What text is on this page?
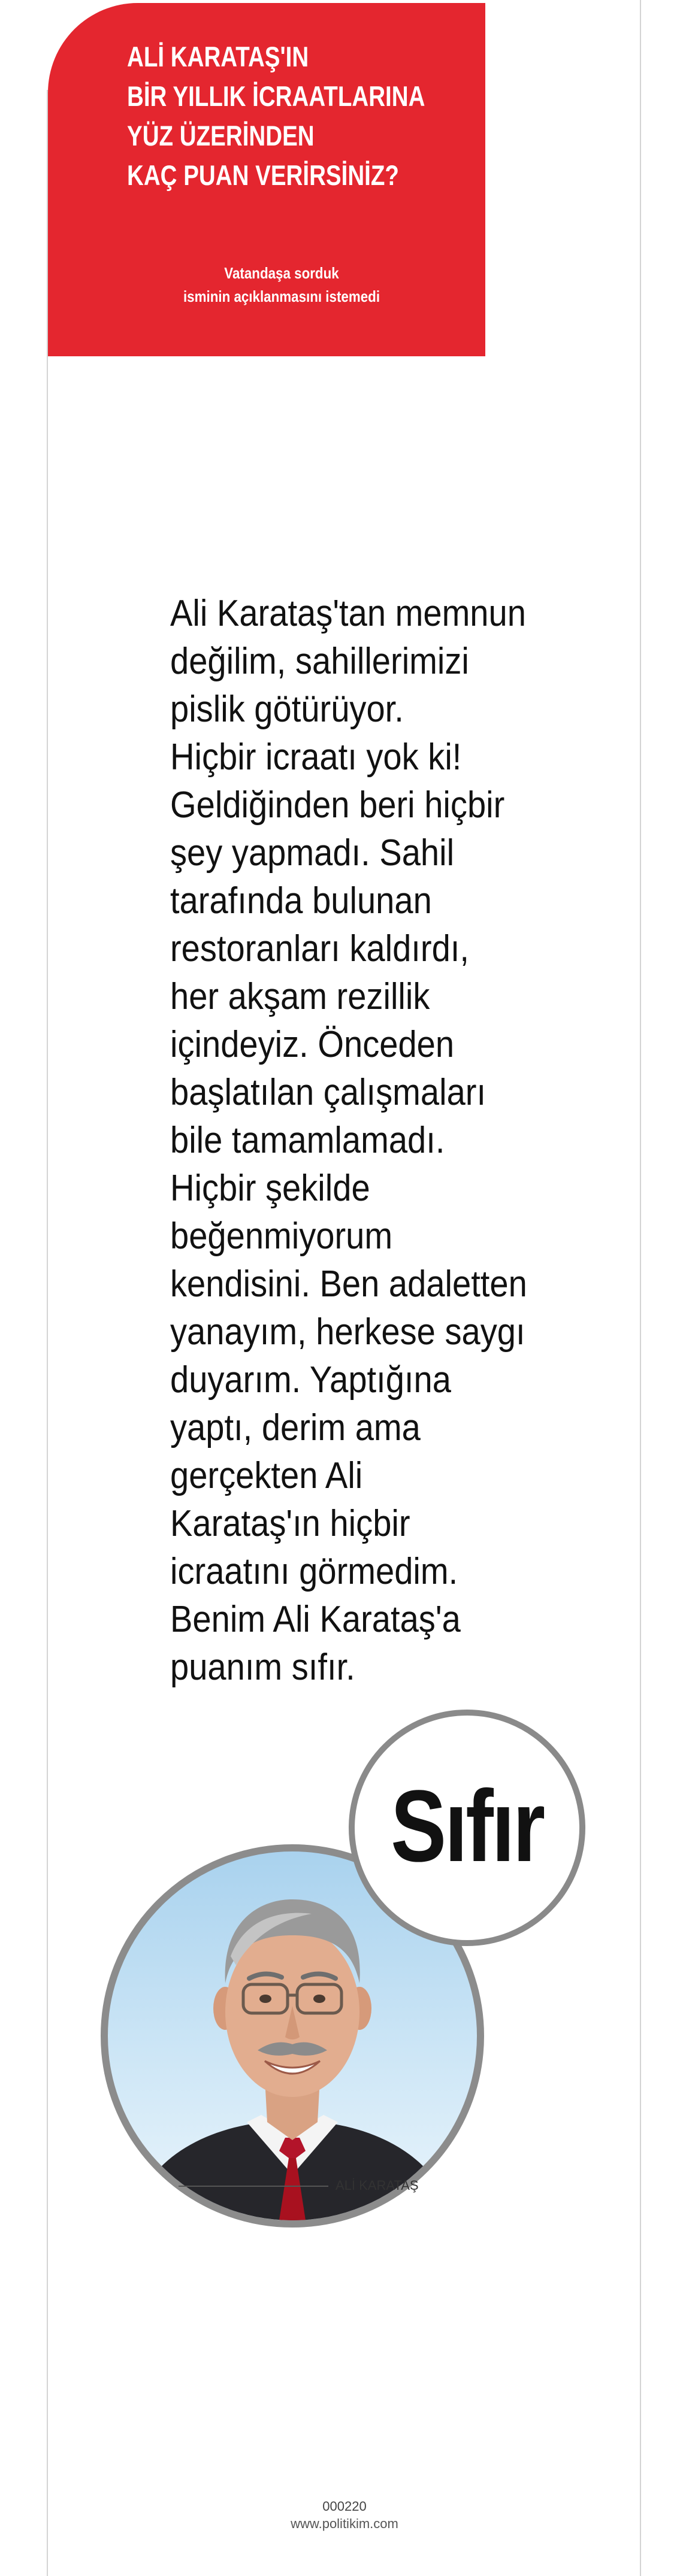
ALİ KARATAŞ'IN
BİR YILLIK İCRAATLARINA
YÜZ ÜZERİNDEN
KAÇ PUAN VERİRSİNİZ?
Vatandaşa sorduk
isminin açıklanmasını istemedi
Ali Karataş'tan memnun
değilim, sahillerimizi
pislik götürüyor.
Hiçbir icraatı yok ki!
Geldiğinden beri hiçbir
şey yapmadı. Sahil
tarafında bulunan
restoranları kaldırdı,
her akşam rezillik
içindeyiz. Önceden
başlatılan çalışmaları
bile tamamlamadı.
Hiçbir şekilde
beğenmiyorum
kendisini. Ben adaletten
yanayım, herkese saygı
duyarım. Yaptığına
yaptı, derim ama
gerçekten Ali
Karataş'ın hiçbir
icraatını görmedim.
Benim Ali Karataş'a
puanım sıfır.
Sıfır
ALİ KARATAŞ
000220
www.politikim.com
